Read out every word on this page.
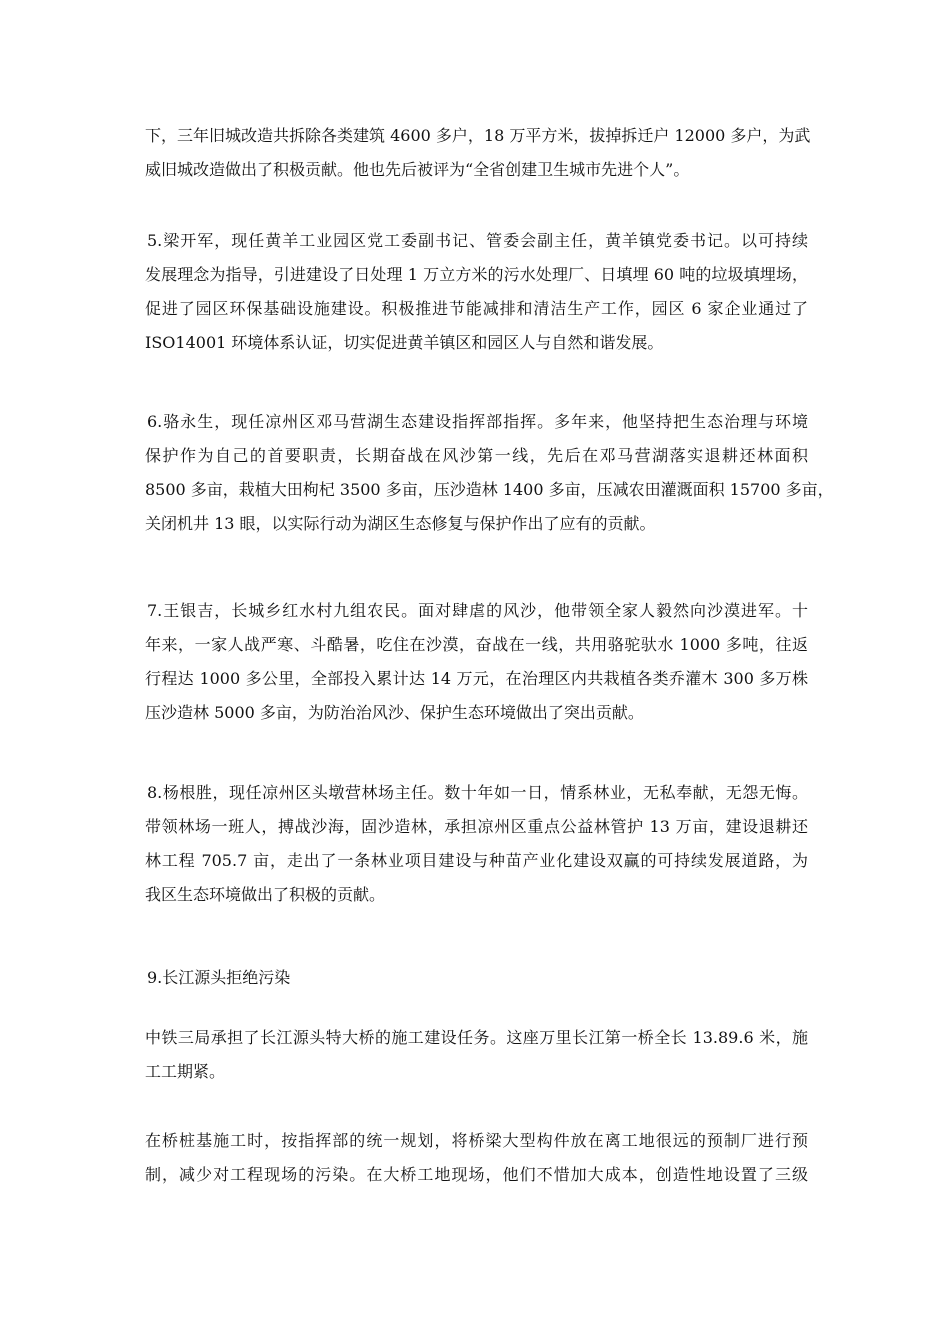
下，三年旧城改造共拆除各类建筑 4600 多户，18 万平方米，拔掉拆迁户 12000 多户，为武
威旧城改造做出了积极贡献。他也先后被评为“全省创建卫生城市先进个人”。
5.梁开军，现任黄羊工业园区党工委副书记、管委会副主任，黄羊镇党委书记。以可持续
发展理念为指导，引进建设了日处理 1 万立方米的污水处理厂、日填埋 60 吨的垃圾填埋场，
促进了园区环保基础设施建设。积极推进节能减排和清洁生产工作，园区 6 家企业通过了
ISO14001 环境体系认证，切实促进黄羊镇区和园区人与自然和谐发展。
6.骆永生，现任凉州区邓马营湖生态建设指挥部指挥。多年来，他坚持把生态治理与环境
保护作为自己的首要职责，长期奋战在风沙第一线，先后在邓马营湖落实退耕还林面积
8500 多亩，栽植大田枸杞 3500 多亩，压沙造林 1400 多亩，压减农田灌溉面积 15700 多亩，
关闭机井 13 眼，以实际行动为湖区生态修复与保护作出了应有的贡献。
7.王银吉，长城乡红水村九组农民。面对肆虐的风沙，他带领全家人毅然向沙漠进军。十
年来，一家人战严寒、斗酷暑，吃住在沙漠，奋战在一线，共用骆驼驮水 1000 多吨，往返
行程达 1000 多公里，全部投入累计达 14 万元，在治理区内共栽植各类乔灌木 300 多万株
压沙造林 5000 多亩，为防治治风沙、保护生态环境做出了突出贡献。
8.杨根胜，现任凉州区头墩营林场主任。数十年如一日，情系林业，无私奉献，无怨无悔。
带领林场一班人，搏战沙海，固沙造林，承担凉州区重点公益林管护 13 万亩，建设退耕还
林工程 705.7 亩，走出了一条林业项目建设与种苗产业化建设双赢的可持续发展道路，为
我区生态环境做出了积极的贡献。
9.长江源头拒绝污染
中铁三局承担了长江源头特大桥的施工建设任务。这座万里长江第一桥全长 13.89.6 米，施
工工期紧。
在桥桩基施工时，按指挥部的统一规划，将桥梁大型构件放在离工地很远的预制厂进行预
制，减少对工程现场的污染。在大桥工地现场，他们不惜加大成本，创造性地设置了三级
